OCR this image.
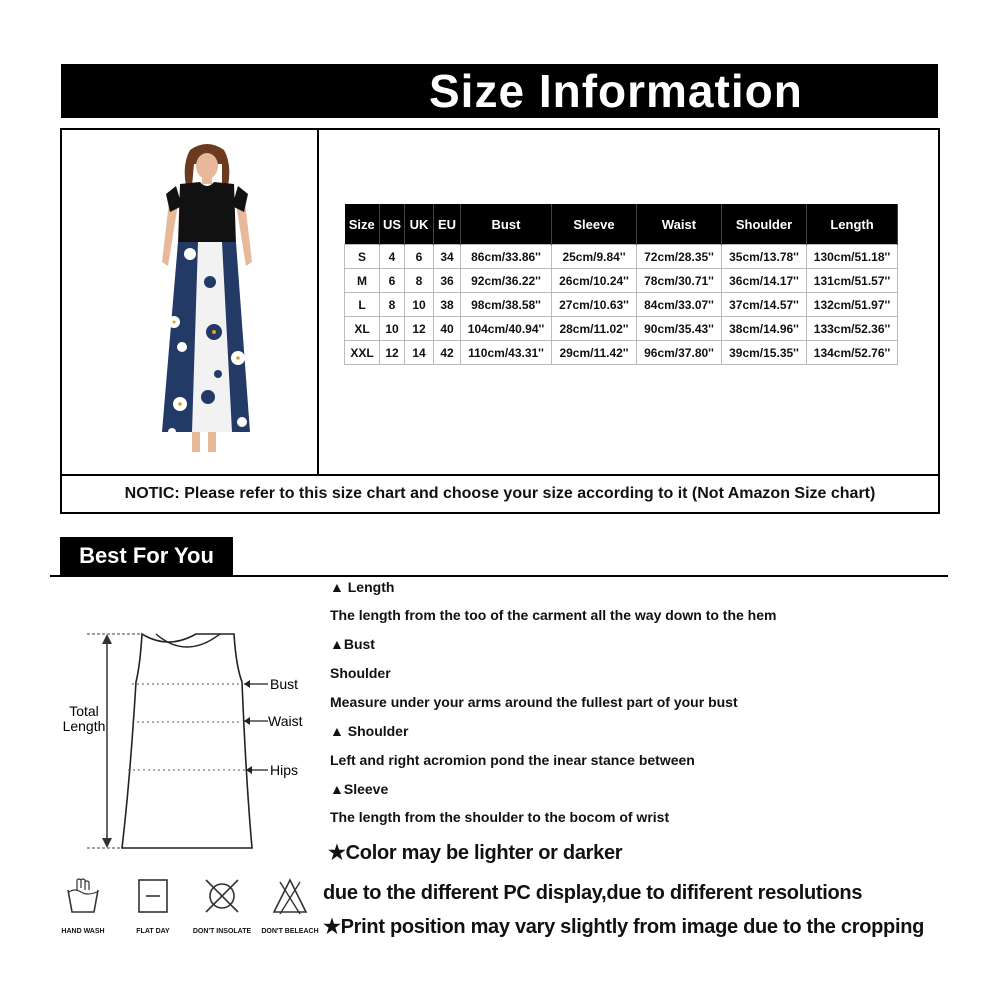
Size Information
Size	US	UK	EU	Bust	Sleeve	Waist	Shoulder	Length
S	4	6	34	86cm/33.86''	25cm/9.84''	72cm/28.35''	35cm/13.78''	130cm/51.18''
M	6	8	36	92cm/36.22''	26cm/10.24''	78cm/30.71''	36cm/14.17''	131cm/51.57''
L	8	10	38	98cm/38.58''	27cm/10.63''	84cm/33.07''	37cm/14.57''	132cm/51.97''
XL	10	12	40	104cm/40.94''	28cm/11.02''	90cm/35.43''	38cm/14.96''	133cm/52.36''
XXL	12	14	42	110cm/43.31''	29cm/11.42''	96cm/37.80''	39cm/15.35''	134cm/52.76''
NOTIC: Please refer to this size chart and choose your size according to it (Not Amazon Size chart)
Best For You
Total
Length
Bust
Waist
Hips
HAND WASH	FLAT DAY	DON'T INSOLATE	DON'T BELEACH
▲ Length
The length from the too of the carment all the way down to the hem
▲Bust
Shoulder
Measure under your arms around the fullest part of your bust
▲ Shoulder
Left and right acromion pond the inear stance between
▲Sleeve
The length from the shoulder to the bocom of wrist
★Color may be lighter or darker
due to the different PC display,due to dififerent resolutions
★Print position may vary slightly from image due to the cropping
